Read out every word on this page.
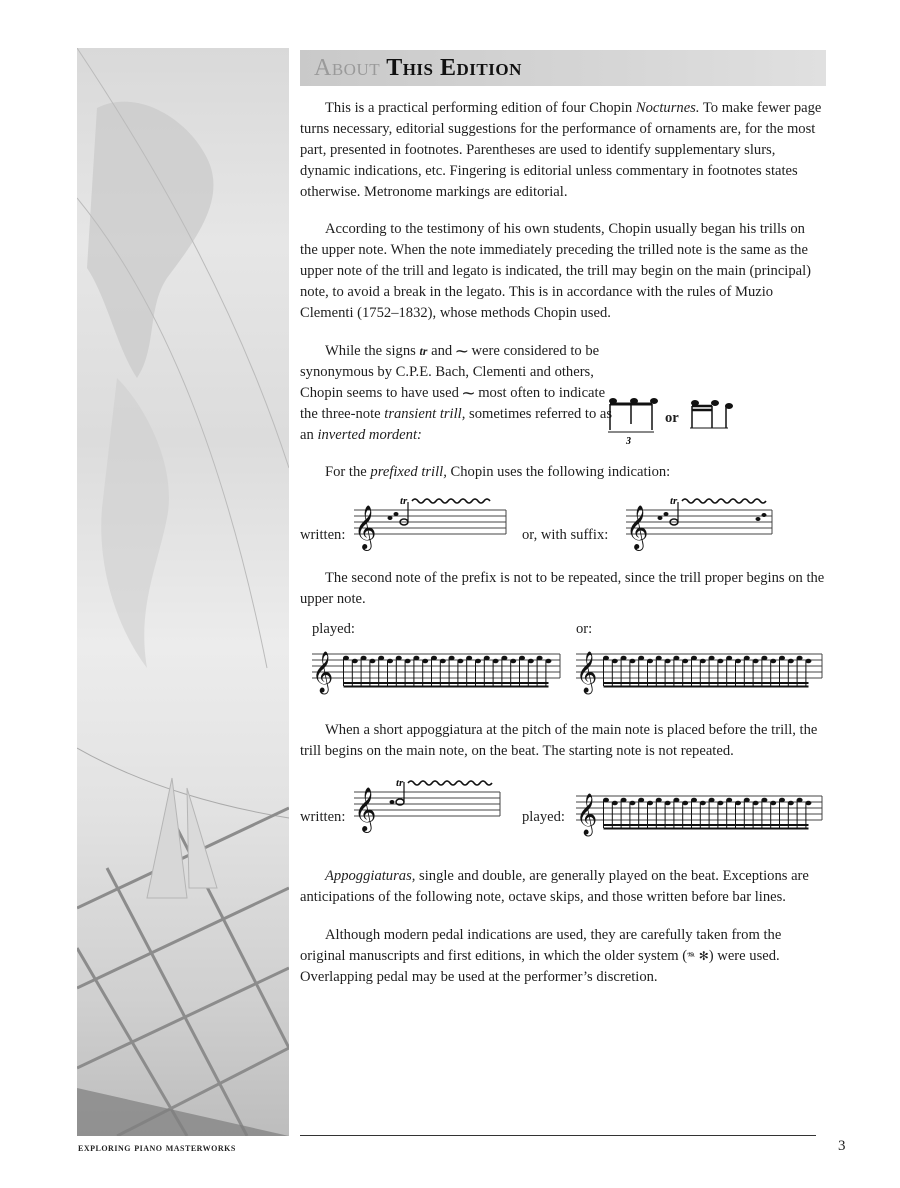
About This Edition

This is a practical performing edition of four Chopin Nocturnes. To make fewer page turns necessary, editorial suggestions for the performance of ornaments are, for the most part, presented in footnotes. Parentheses are used to identify supplementary slurs, dynamic indications, etc. Fingering is editorial unless commentary in footnotes states otherwise. Metronome markings are editorial.

According to the testimony of his own students, Chopin usually began his trills on the upper note. When the note immediately preceding the trilled note is the same as the upper note of the trill and legato is indicated, the trill may begin on the main (principal) note, to avoid a break in the legato. This is in accordance with the rules of Muzio Clementi (1752–1832), whose methods Chopin used.

While the signs tr and ⁓ were considered to be synonymous by C.P.E. Bach, Clementi and others, Chopin seems to have used ⁓ most often to indicate the three-note transient trill, sometimes referred to as an inverted mordent:	3
or

For the prefixed trill, Chopin uses the following indication:

written: 𝄞
tr
or, with suffix: 𝄞
tr

The second note of the prefix is not to be repeated, since the trill proper begins on the upper note.

played:	or:
𝄞	𝄞

When a short appoggiatura at the pitch of the main note is placed before the trill, the trill begins on the main note, on the beat. The starting note is not repeated.

written: 𝄞
tr
played: 𝄞

Appoggiaturas, single and double, are generally played on the beat. Exceptions are anticipations of the following note, octave skips, and those written before bar lines.

Although modern pedal indications are used, they are carefully taken from the original manuscripts and first editions, in which the older system (𝆮 ✻) were used. Overlapping pedal may be used at the performer’s discretion.

exploring piano masterworks	3
